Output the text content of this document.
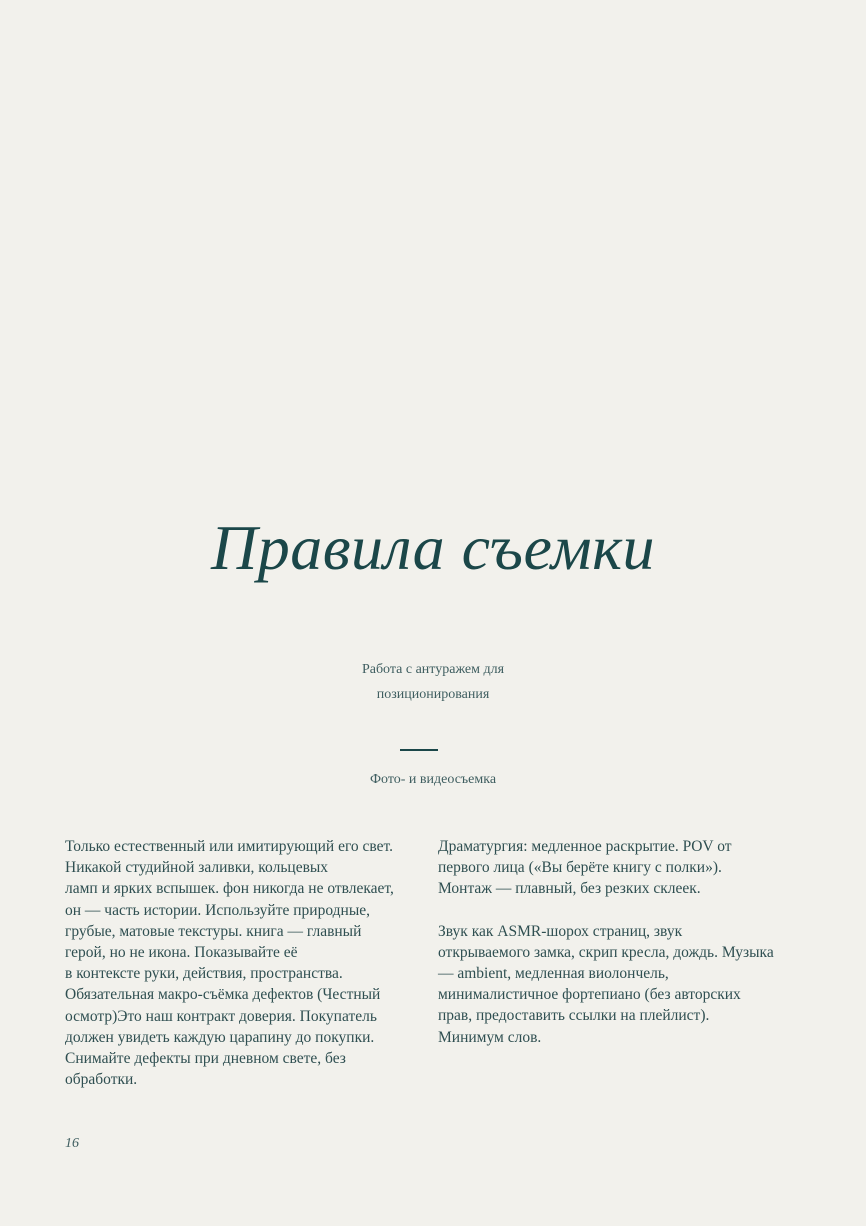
Правила съемки

Работа с антуражем для
позиционирования

Фото- и видеосъемка

Только естественный или имитирующий его свет.
Никакой студийной заливки, кольцевых
ламп и ярких вспышек. фон никогда не отвлекает,
он — часть истории. Используйте природные,
грубые, матовые текстуры. книга — главный
герой, но не икона. Показывайте её
в контексте руки, действия, пространства.
Обязательная макро-съёмка дефектов (Честный
осмотр)Это наш контракт доверия. Покупатель
должен увидеть каждую царапину до покупки.
Снимайте дефекты при дневном свете, без
обработки.

Драматургия: медленное раскрытие. POV от
первого лица («Вы берёте книгу с полки»).
Монтаж — плавный, без резких склеек.

Звук как ASMR-шорох страниц, звук
открываемого замка, скрип кресла, дождь. Музыка
— ambient, медленная виолончель,
минималистичное фортепиано (без авторских
прав, предоставить ссылки на плейлист).
Минимум слов.

16
